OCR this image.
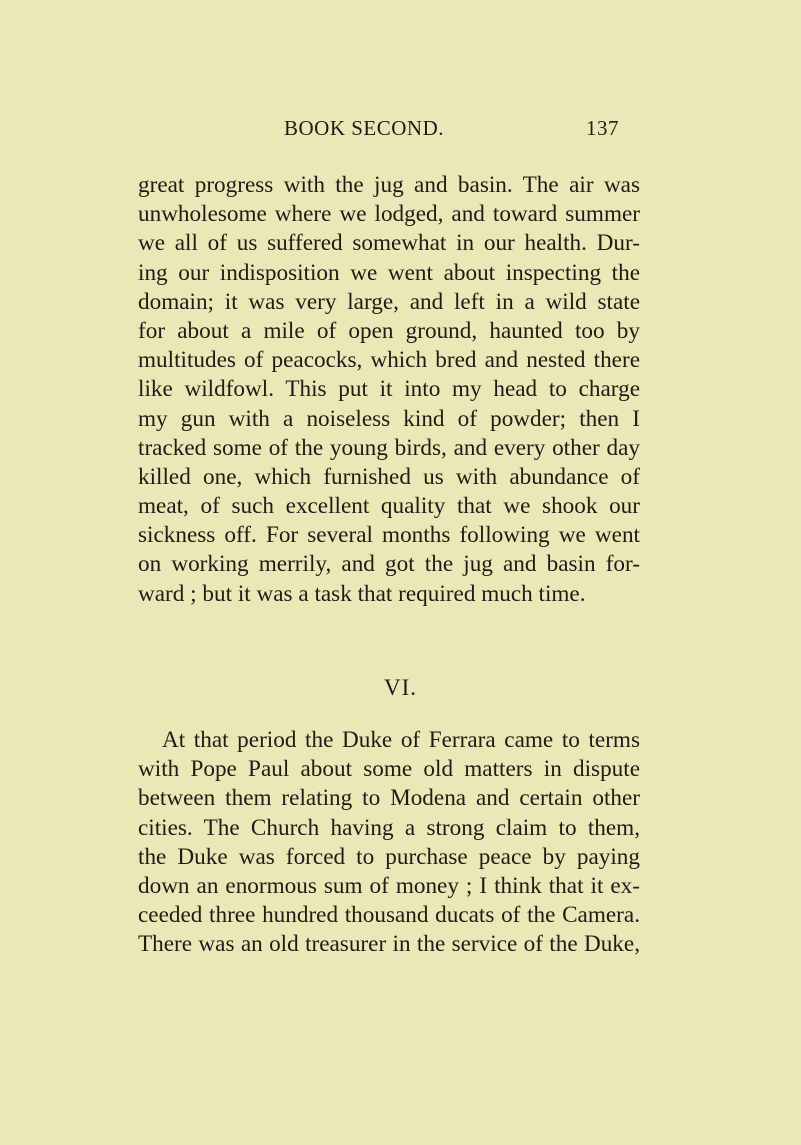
BOOK SECOND.	137
great progress with the jug and basin. The air was
unwholesome where we lodged, and toward summer
we all of us suffered somewhat in our health. Dur-
ing our indisposition we went about inspecting the
domain; it was very large, and left in a wild state
for about a mile of open ground, haunted too by
multitudes of peacocks, which bred and nested there
like wildfowl. This put it into my head to charge
my gun with a noiseless kind of powder; then I
tracked some of the young birds, and every other day
killed one, which furnished us with abundance of
meat, of such excellent quality that we shook our
sickness off. For several months following we went
on working merrily, and got the jug and basin for-
ward ; but it was a task that required much time.
VI.
At that period the Duke of Ferrara came to terms
with Pope Paul about some old matters in dispute
between them relating to Modena and certain other
cities. The Church having a strong claim to them,
the Duke was forced to purchase peace by paying
down an enormous sum of money ; I think that it ex-
ceeded three hundred thousand ducats of the Camera.
There was an old treasurer in the service of the Duke,
